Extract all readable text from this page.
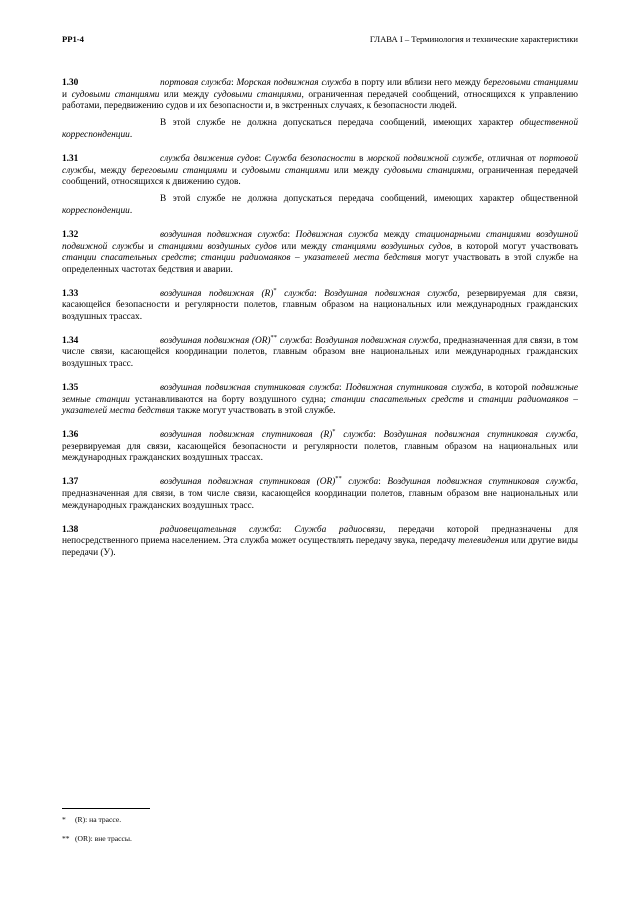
РР1-4	ГЛАВА I – Терминология и технические характеристики

1.30	портовая служба: Морская подвижная служба в порту или вблизи него между береговыми станциями и судовыми станциями или между судовыми станциями, ограниченная передачей сообщений, относящихся к управлению работами, передвижению судов и их безопасности и, в экстренных случаях, к безопасности людей.

В этой службе не должна допускаться передача сообщений, имеющих характер общественной корреспонденции.

1.31	служба движения судов: Служба безопасности в морской подвижной службе, отличная от портовой службы, между береговыми станциями и судовыми станциями или между судовыми станциями, ограниченная передачей сообщений, относящихся к движению судов.

В этой службе не должна допускаться передача сообщений, имеющих характер общественной корреспонденции.

1.32	воздушная подвижная служба: Подвижная служба между стационарными станциями воздушной подвижной службы и станциями воздушных судов или между станциями воздушных судов, в которой могут участвовать станции спасательных средств; станции радиомаяков – указателей места бедствия могут участвовать в этой службе на определенных частотах бедствия и аварии.

1.33	воздушная подвижная (R)* служба: Воздушная подвижная служба, резервируемая для связи, касающейся безопасности и регулярности полетов, главным образом на национальных или международных гражданских воздушных трассах.

1.34	воздушная подвижная (OR)** служба: Воздушная подвижная служба, предназначенная для связи, в том числе связи, касающейся координации полетов, главным образом вне национальных или международных гражданских воздушных трасс.

1.35	воздушная подвижная спутниковая служба: Подвижная спутниковая служба, в которой подвижные земные станции устанавливаются на борту воздушного судна; станции спасательных средств и станции радиомаяков – указателей места бедствия также могут участвовать в этой службе.

1.36	воздушная подвижная спутниковая (R)* служба: Воздушная подвижная спутниковая служба, резервируемая для связи, касающейся безопасности и регулярности полетов, главным образом на национальных или международных гражданских воздушных трассах.

1.37	воздушная подвижная спутниковая (OR)** служба: Воздушная подвижная спутниковая служба, предназначенная для связи, в том числе связи, касающейся координации полетов, главным образом вне национальных или международных гражданских воздушных трасс.

1.38	радиовещательная служба: Служба радиосвязи, передачи которой предназначены для непосредственного приема населением. Эта служба может осуществлять передачу звука, передачу телевидения или другие виды передачи (У).

* (R): на трассе.
** (OR): вне трассы.
